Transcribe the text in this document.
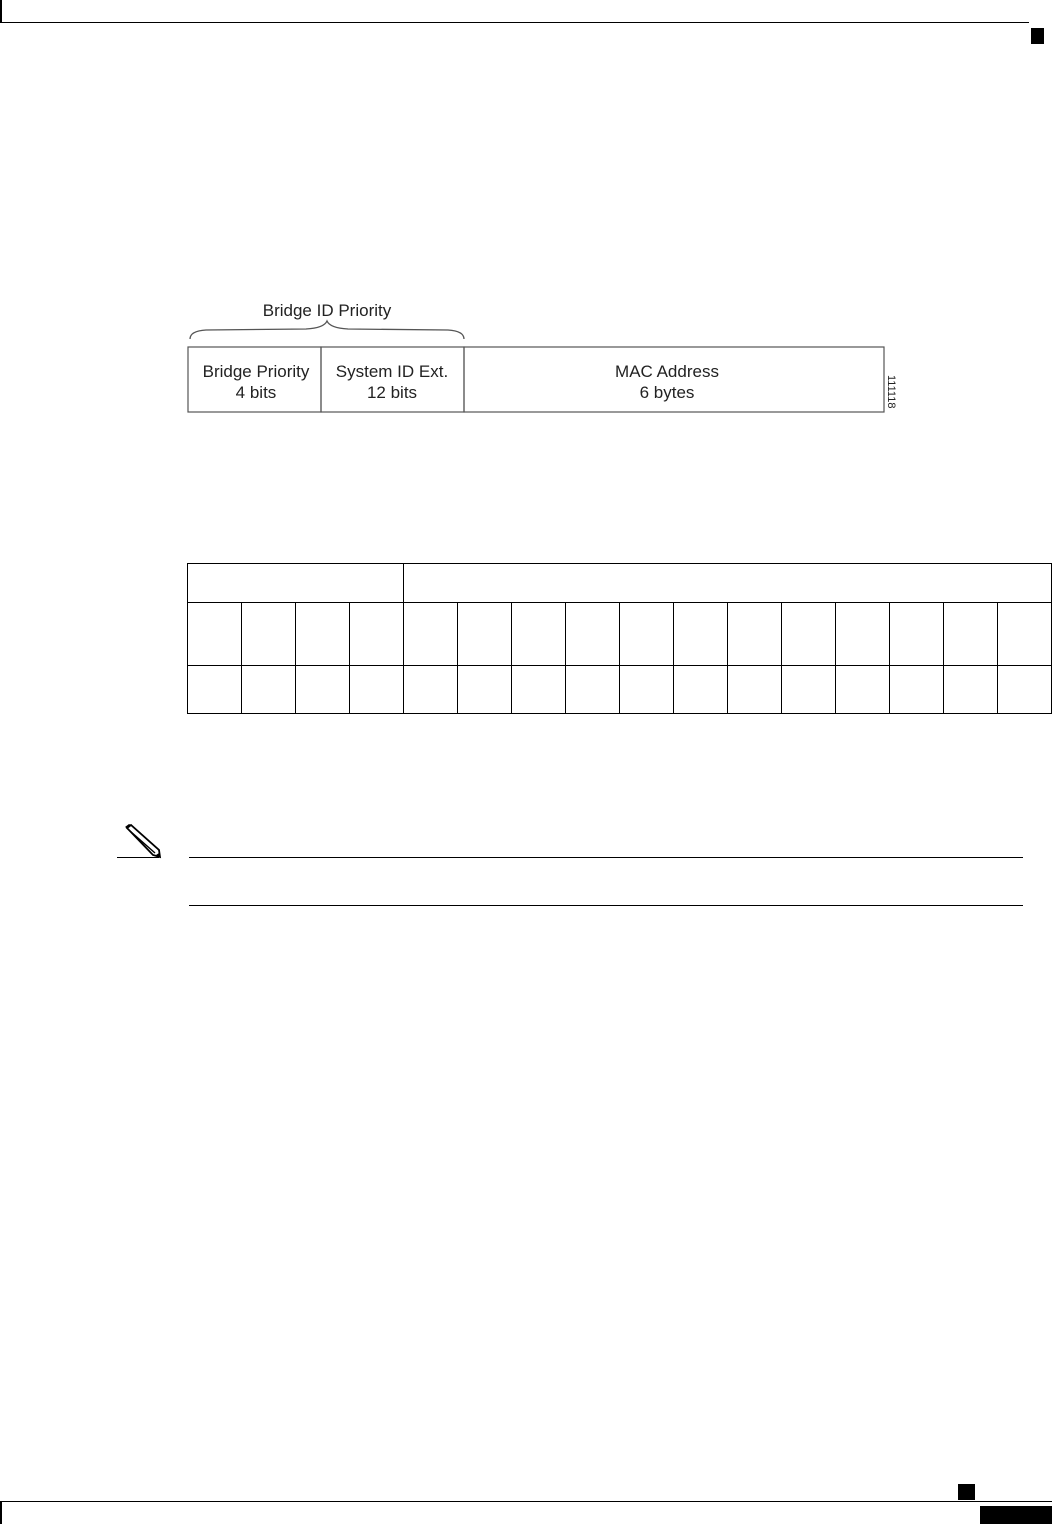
Bridge ID Priority
Bridge Priority
4 bits
System ID Ext.
12 bits
MAC Address
6 bytes	111118
